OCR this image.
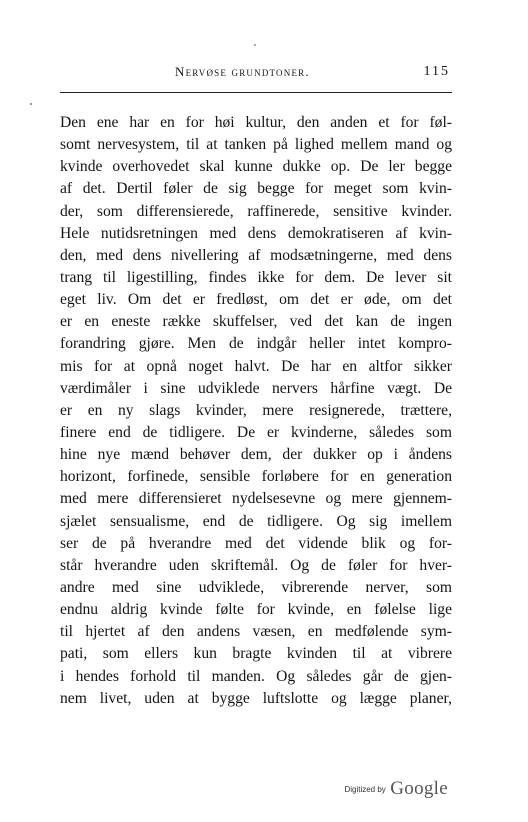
Nervøse grundtoner.	115
Den ene har en for høi kultur, den anden et for føl-
somt nervesystem, til at tanken på lighed mellem mand og
kvinde overhovedet skal kunne dukke op. De ler begge
af det. Dertil føler de sig begge for meget som kvin-
der, som differensierede, raffinerede, sensitive kvinder.
Hele nutidsretningen med dens demokratiseren af kvin-
den, med dens nivellering af modsætningerne, med dens
trang til ligestilling, findes ikke for dem. De lever sit
eget liv. Om det er fredløst, om det er øde, om det
er en eneste række skuffelser, ved det kan de ingen
forandring gjøre. Men de indgår heller intet kompro-
mis for at opnå noget halvt. De har en altfor sikker
værdimåler i sine udviklede nervers hårfine vægt. De
er en ny slags kvinder, mere resignerede, trættere,
finere end de tidligere. De er kvinderne, således som
hine nye mænd behøver dem, der dukker op i åndens
horizont, forfinede, sensible forløbere for en generation
med mere differensieret nydelsesevne og mere gjennem-
sjælet sensualisme, end de tidligere. Og sig imellem
ser de på hverandre med det vidende blik og for-
står hverandre uden skriftemål. Og de føler for hver-
andre med sine udviklede, vibrerende nerver, som
endnu aldrig kvinde følte for kvinde, en følelse lige
til hjertet af den andens væsen, en medfølende sym-
pati, som ellers kun bragte kvinden til at vibrere
i hendes forhold til manden. Og således går de gjen-
nem livet, uden at bygge luftslotte og lægge planer,
Digitized by Google
